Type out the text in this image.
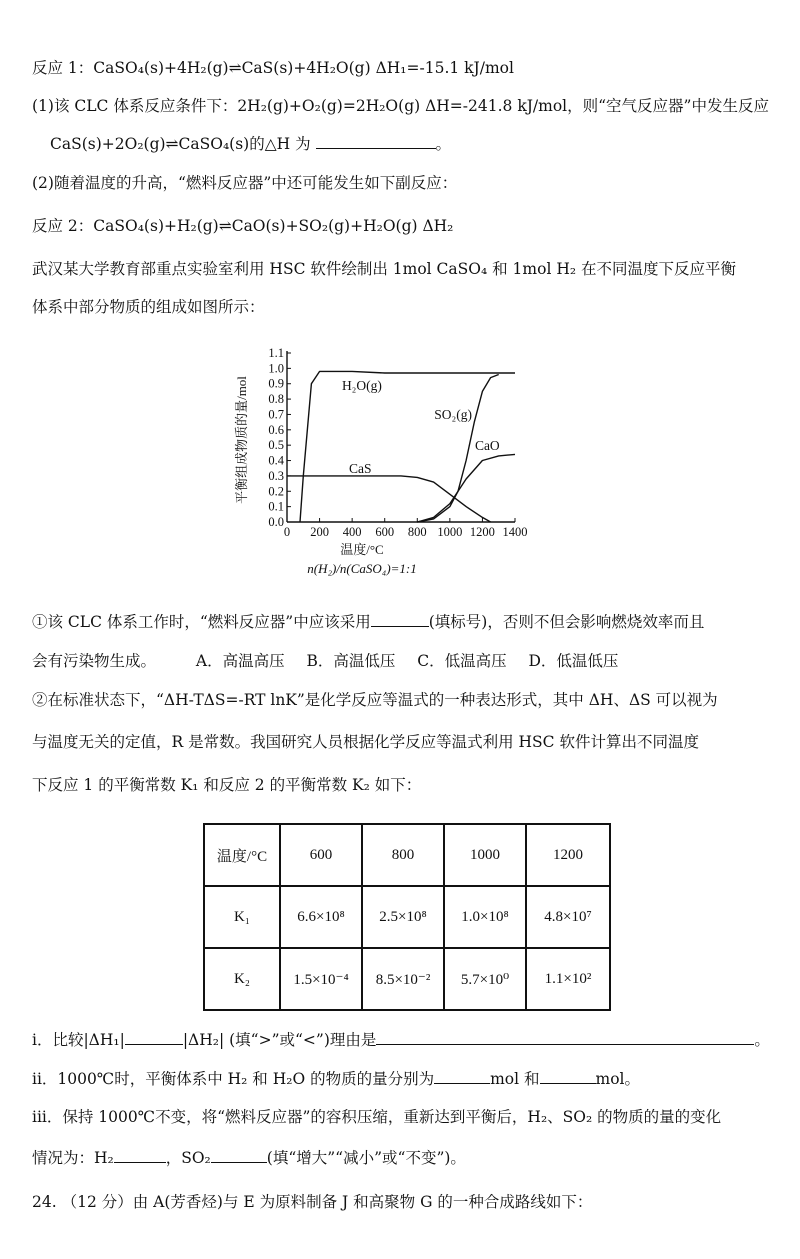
反应 1：CaSO₄(s)+4H₂(g)⇌CaS(s)+4H₂O(g) ΔH₁=-15.1 kJ/mol
(1)该 CLC 体系反应条件下：2H₂(g)+O₂(g)=2H₂O(g) ΔH=-241.8 kJ/mol，则“空气反应器”中发生反应
CaS(s)+2O₂(g)⇌CaSO₄(s)的△H 为	。
(2)随着温度的升高，“燃料反应器”中还可能发生如下副反应：
反应 2：CaSO₄(s)+H₂(g)⇌CaO(s)+SO₂(g)+H₂O(g) ΔH₂
武汉某大学教育部重点实验室利用 HSC 软件绘制出 1mol CaSO₄ 和 1mol H₂ 在不同温度下反应平衡
体系中部分物质的组成如图所示：
0 200 400 600 800 1000 1200 1400
0.0
0.1
0.2
0.3
0.4
0.5
0.6
0.7
0.8
0.9
1.0
1.1
H₂O(g)
SO₂(g)
CaS
CaO
平衡组成物质的量/mol
温度/°C
n(H₂)/n(CaSO₄)=1:1
①该 CLC 体系工作时，“燃料反应器”中应该采用	(填标号)，否则不但会影响燃烧效率而且
会有污染物生成。	A．高温高压 B．高温低压 C．低温高压 D．低温低压
②在标准状态下，“ΔH-TΔS=-RT lnK”是化学反应等温式的一种表达形式，其中 ΔH、ΔS 可以视为
与温度无关的定值，R 是常数。我国研究人员根据化学反应等温式利用 HSC 软件计算出不同温度
下反应 1 的平衡常数 K₁ 和反应 2 的平衡常数 K₂ 如下：
温度/°C	600	800	1000	1200
K₁	6.6×10⁸	2.5×10⁸	1.0×10⁸	4.8×10⁷
K₂	1.5×10⁻⁴	8.5×10⁻²	5.7×10⁰	1.1×10²
i．比较|ΔH₁|	|ΔH₂| (填“>”或“<”)理由是	。
ii．1000℃时，平衡体系中 H₂ 和 H₂O 的物质的量分别为	mol 和	mol。
iii．保持 1000℃不变，将“燃料反应器”的容积压缩，重新达到平衡后，H₂、SO₂ 的物质的量的变化
情况为：H₂	，SO₂	(填“增大”“减小”或“不变”)。
24. （12 分）由 A(芳香烃)与 E 为原料制备 J 和高聚物 G 的一种合成路线如下：
